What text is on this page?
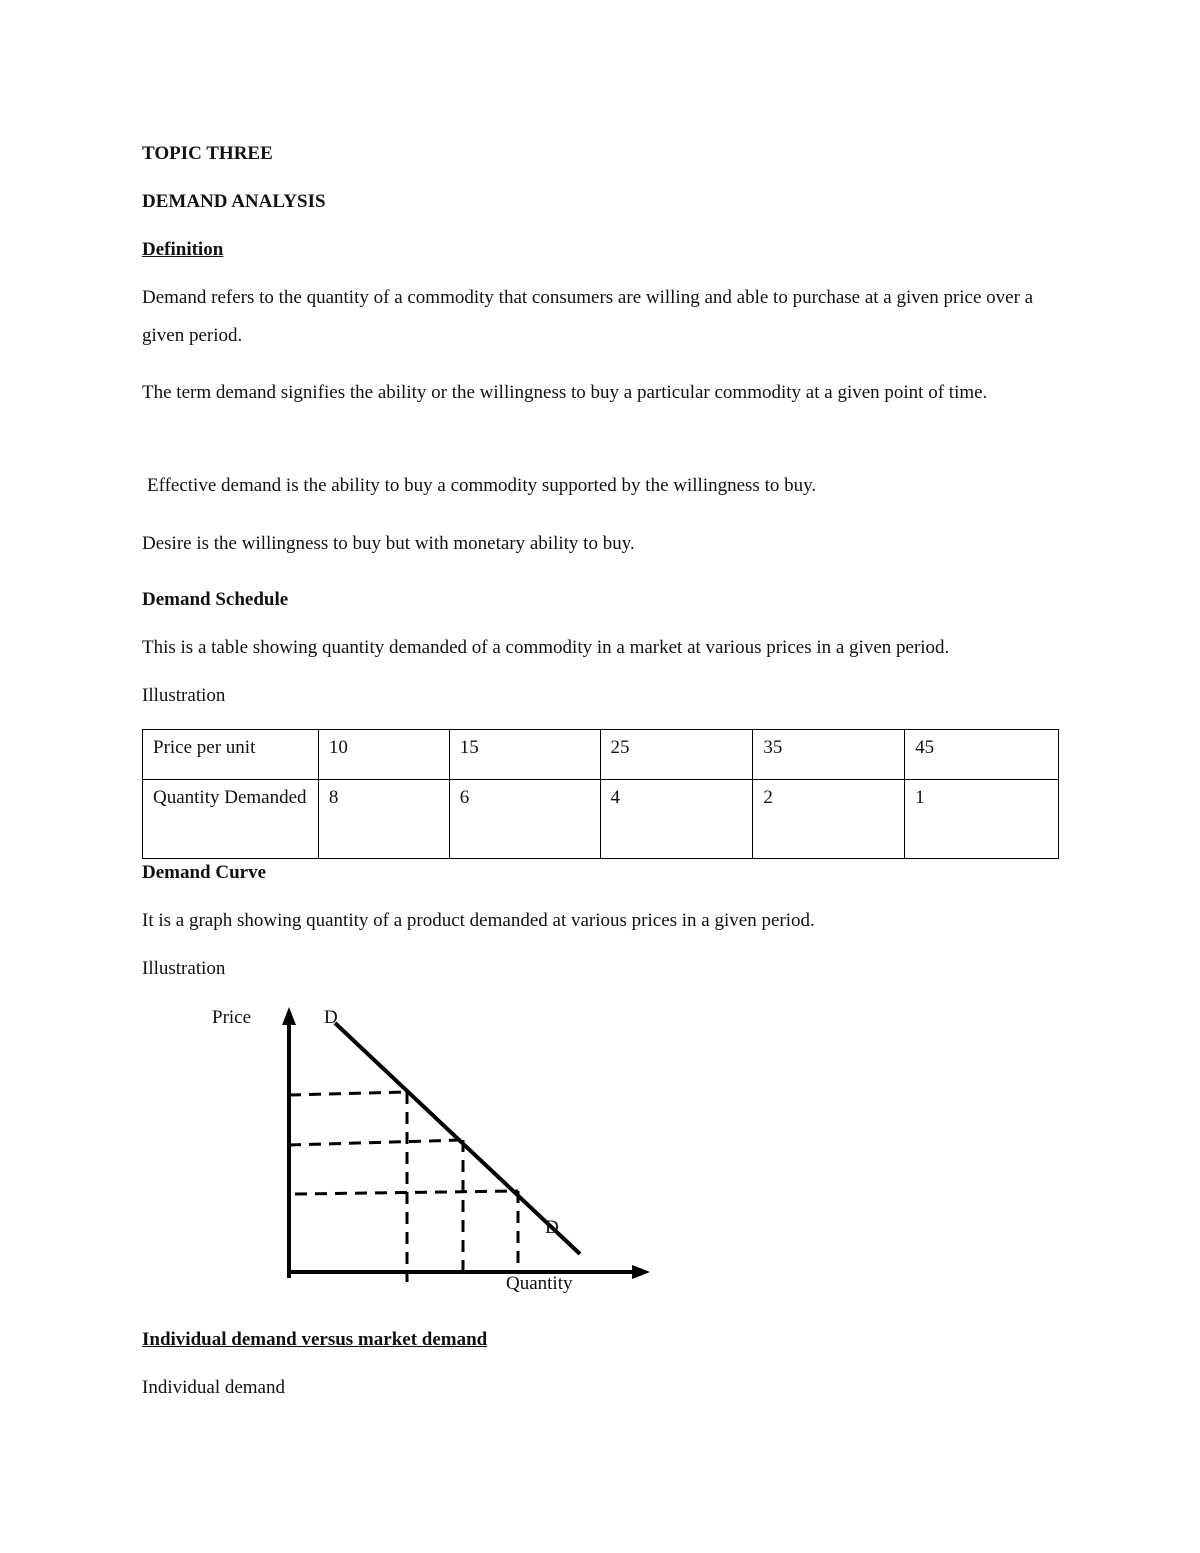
TOPIC THREE

DEMAND ANALYSIS

Definition

Demand refers to the quantity of a commodity that consumers are willing and able to purchase at a given price over a given period.

The term demand signifies the ability or the willingness to buy a particular commodity at a given point of time.

Effective demand is the ability to buy a commodity supported by the willingness to buy.

Desire is the willingness to buy but with monetary ability to buy.

Demand Schedule

This is a table showing quantity demanded of a commodity in a market at various prices in a given period.

Illustration

Price per unit	10	15	25	35	45
Quantity Demanded	8	6	4	2	1

Demand Curve

It is a graph showing quantity of a product demanded at various prices in a given period.

Illustration

Price	D
D
Quantity

Individual demand versus market demand

Individual demand
